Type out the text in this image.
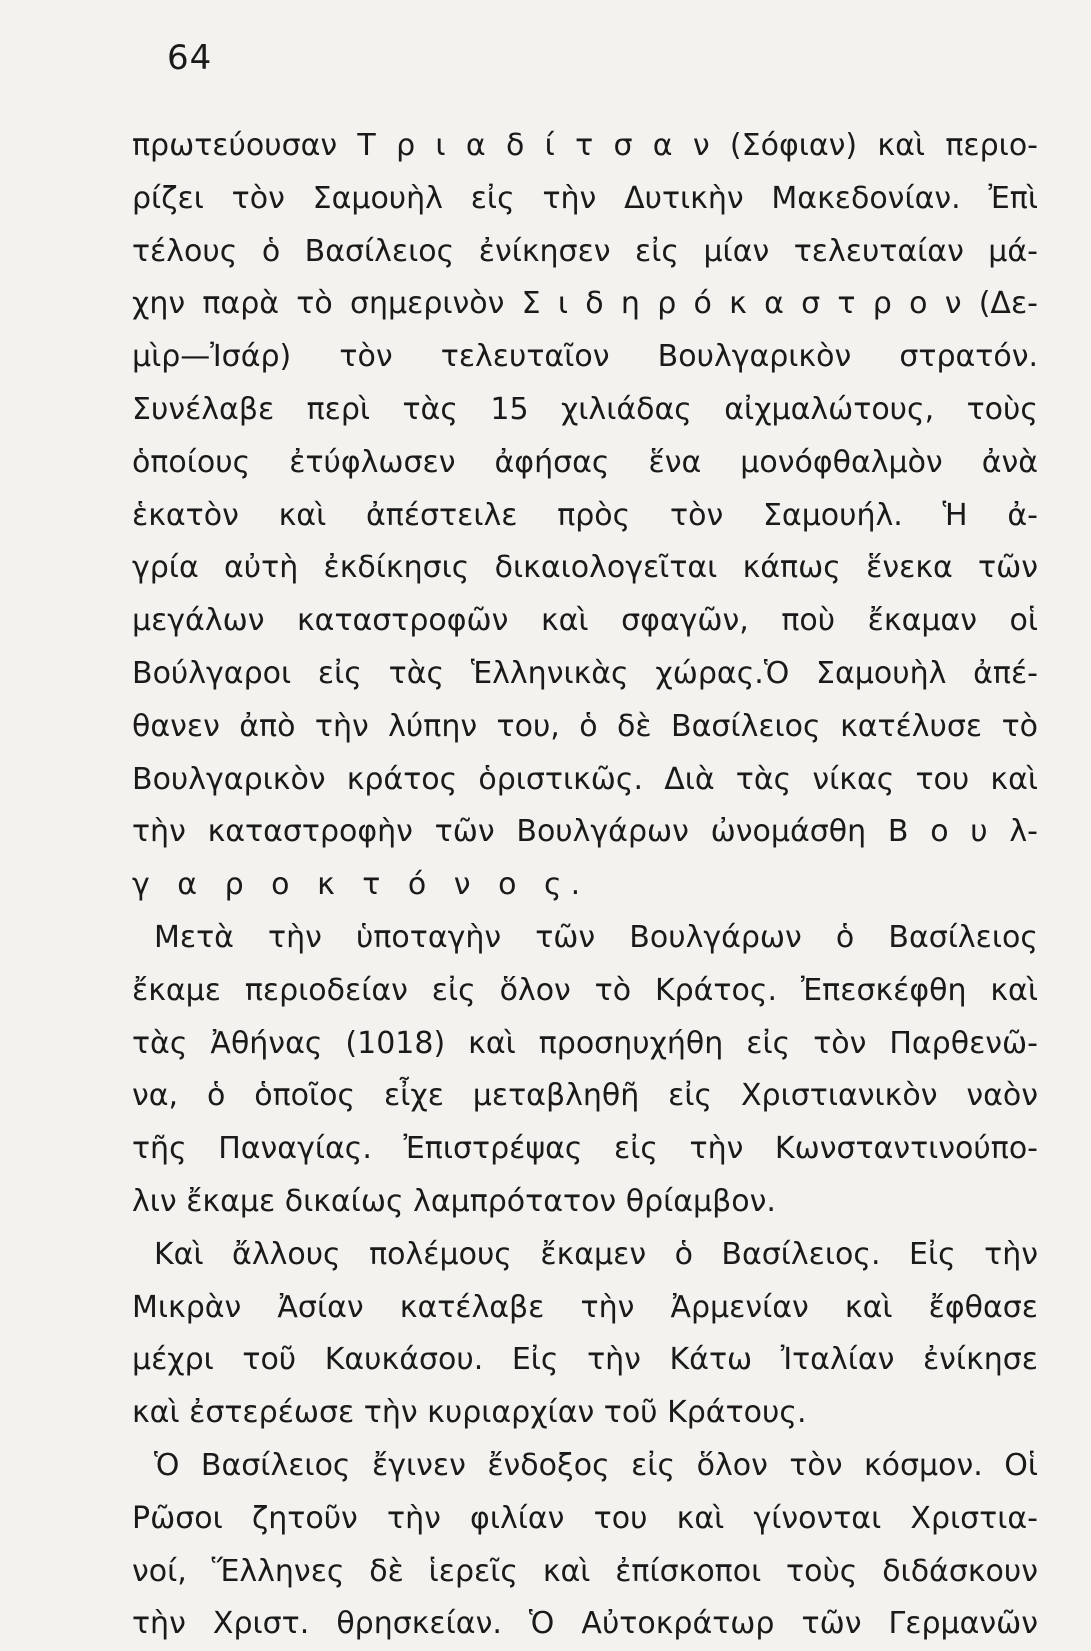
64
πρωτεύουσαν Τ ρ ι α δ ί τ σ α ν (Σόφιαν) καὶ περιο-
ρίζει τὸν Σαμουὴλ εἰς τὴν Δυτικὴν Μακεδονίαν. Ἐπὶ
τέλους ὁ Βασίλειος ἐνίκησεν εἰς μίαν τελευταίαν μά-
χην παρὰ τὸ σημερινὸν Σ ι δ η ρ ό κ α σ τ ρ ο ν (Δε-
μὶρ—Ἰσάρ) τὸν τελευταῖον Βουλγαρικὸν στρατόν.
Συνέλαβε περὶ τὰς 15 χιλιάδας αἰχμαλώτους, τοὺς
ὁποίους ἐτύφλωσεν ἀφήσας ἕνα μονόφθαλμὸν ἀνὰ
ἑκατὸν καὶ ἀπέστειλε πρὸς τὸν Σαμουήλ. Ἡ ἀ-
γρία αὐτὴ ἐκδίκησις δικαιολογεῖται κάπως ἕνεκα τῶν
μεγάλων καταστροφῶν καὶ σφαγῶν, ποὺ ἔκαμαν οἱ
Βούλγαροι εἰς τὰς Ἑλληνικὰς χώρας.Ὁ Σαμουὴλ ἀπέ-
θανεν ἀπὸ τὴν λύπην του, ὁ δὲ Βασίλειος κατέλυσε τὸ
Βουλγαρικὸν κράτος ὁριστικῶς. Διὰ τὰς νίκας του καὶ
τὴν καταστροφὴν τῶν Βουλγάρων ὠνομάσθη Β ο υ λ-
γ α ρ ο κ τ ό ν ο ς.
Μετὰ τὴν ὑποταγὴν τῶν Βουλγάρων ὁ Βασίλειος
ἔκαμε περιοδείαν εἰς ὅλον τὸ Κράτος. Ἐπεσκέφθη καὶ
τὰς Ἀθήνας (1018) καὶ προσηυχήθη εἰς τὸν Παρθενῶ-
να, ὁ ὁποῖος εἶχε μεταβληθῆ εἰς Χριστιανικὸν ναὸν
τῆς Παναγίας. Ἐπιστρέψας εἰς τὴν Κωνσταντινούπο-
λιν ἔκαμε δικαίως λαμπρότατον θρίαμβον.
Καὶ ἄλλους πολέμους ἔκαμεν ὁ Βασίλειος. Εἰς τὴν
Μικρὰν Ἀσίαν κατέλαβε τὴν Ἀρμενίαν καὶ ἔφθασε
μέχρι τοῦ Καυκάσου. Εἰς τὴν Κάτω Ἰταλίαν ἐνίκησε
καὶ ἐστερέωσε τὴν κυριαρχίαν τοῦ Κράτους.
Ὁ Βασίλειος ἔγινεν ἔνδοξος εἰς ὅλον τὸν κόσμον. Οἱ
Ρῶσοι ζητοῦν τὴν φιλίαν του καὶ γίνονται Χριστια-
νοί, Ἕλληνες δὲ ἱερεῖς καὶ ἐπίσκοποι τοὺς διδάσκουν
τὴν Χριστ. θρησκείαν. Ὁ Αὐτοκράτωρ τῶν Γερμανῶν
